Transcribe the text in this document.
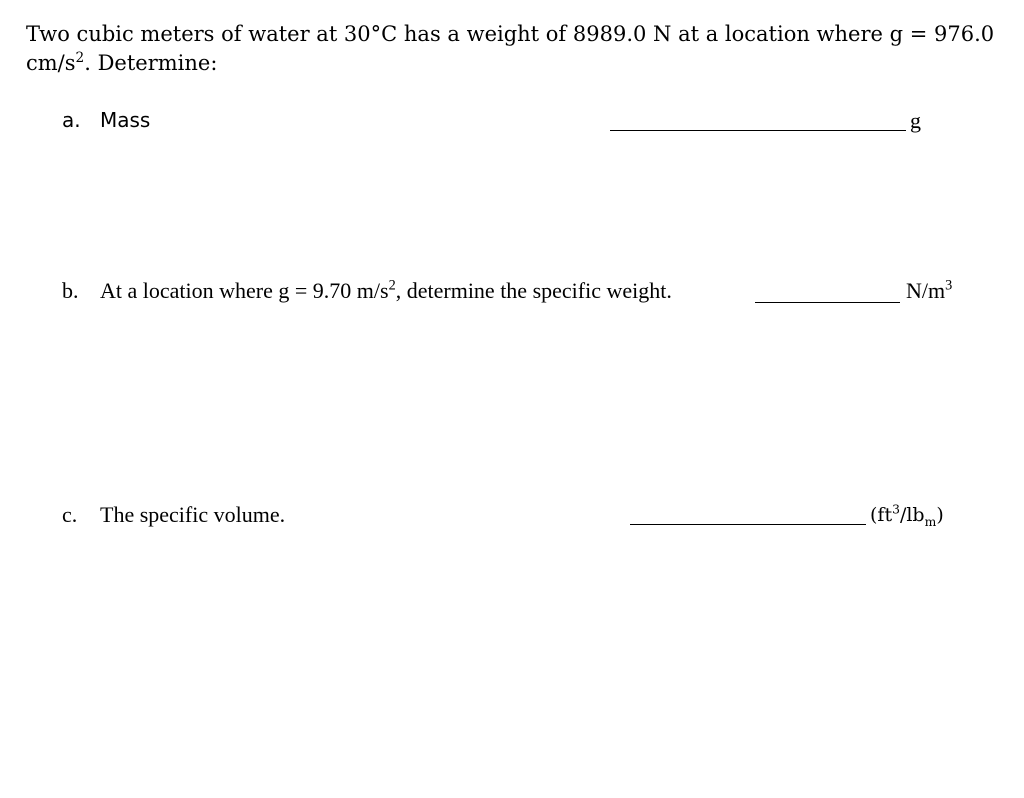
Two cubic meters of water at 30°C has a weight of 8989.0 N at a location where g = 976.0
$cm/s^2$. Determine:

a. Mass	g
b. At a location where g = 9.70 $m/s^2$, determine the specific weight.	$N/m^3$
c. The specific volume.	$(ft^3/lb_m)$
